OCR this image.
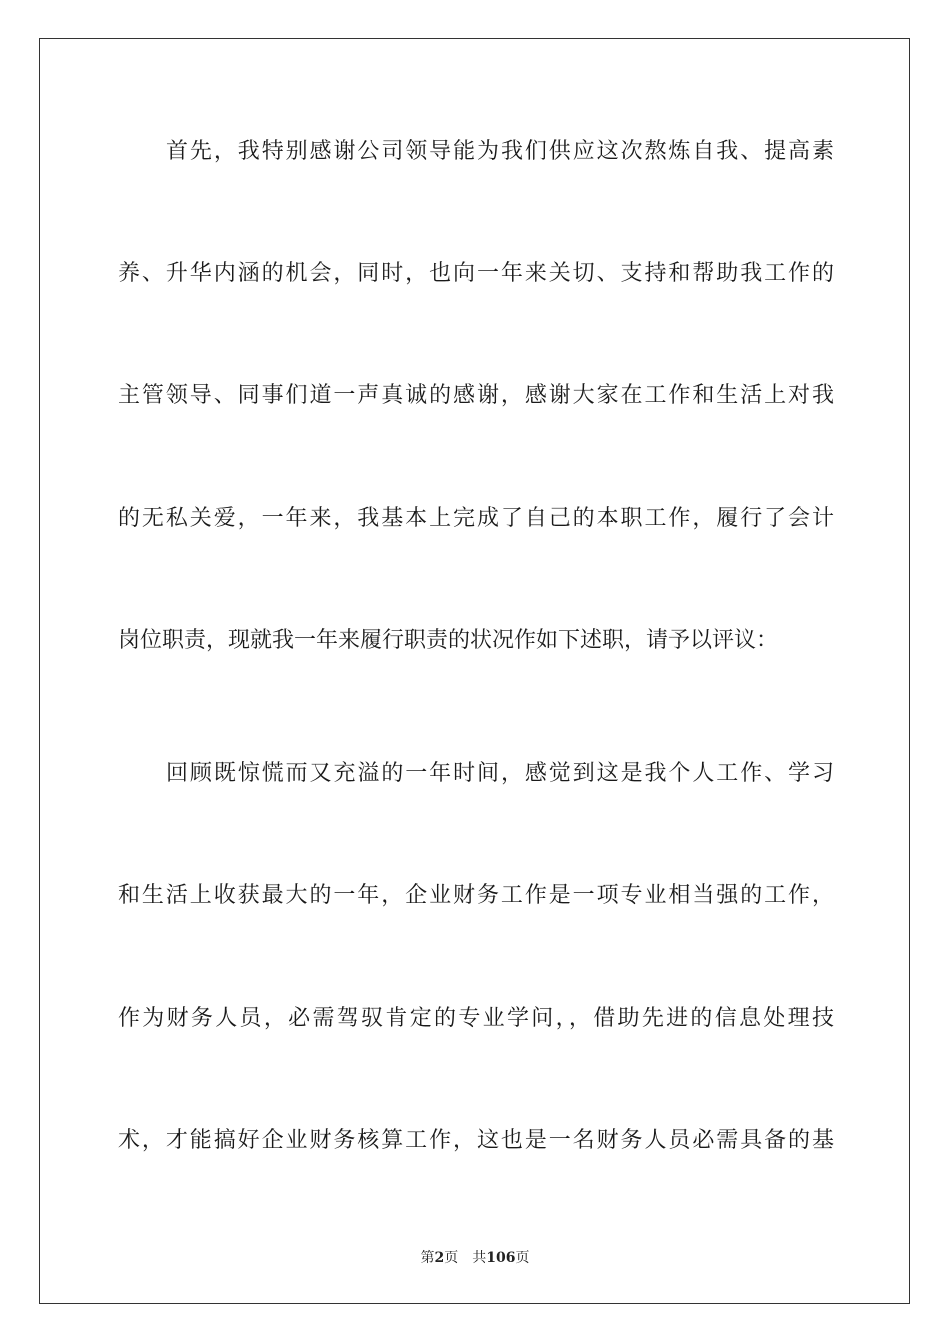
首先，我特别感谢公司领导能为我们供应这次熬炼自我、提高素
养、升华内涵的机会，同时，也向一年来关切、支持和帮助我工作的
主管领导、同事们道一声真诚的感谢，感谢大家在工作和生活上对我
的无私关爱，一年来，我基本上完成了自己的本职工作，履行了会计
岗位职责，现就我一年来履行职责的状况作如下述职，请予以评议：
回顾既惊慌而又充溢的一年时间，感觉到这是我个人工作、学习
和生活上收获最大的一年，企业财务工作是一项专业相当强的工作，
作为财务人员，必需驾驭肯定的专业学问，，借助先进的信息处理技
术，才能搞好企业财务核算工作，这也是一名财务人员必需具备的基
第2页 共106页
